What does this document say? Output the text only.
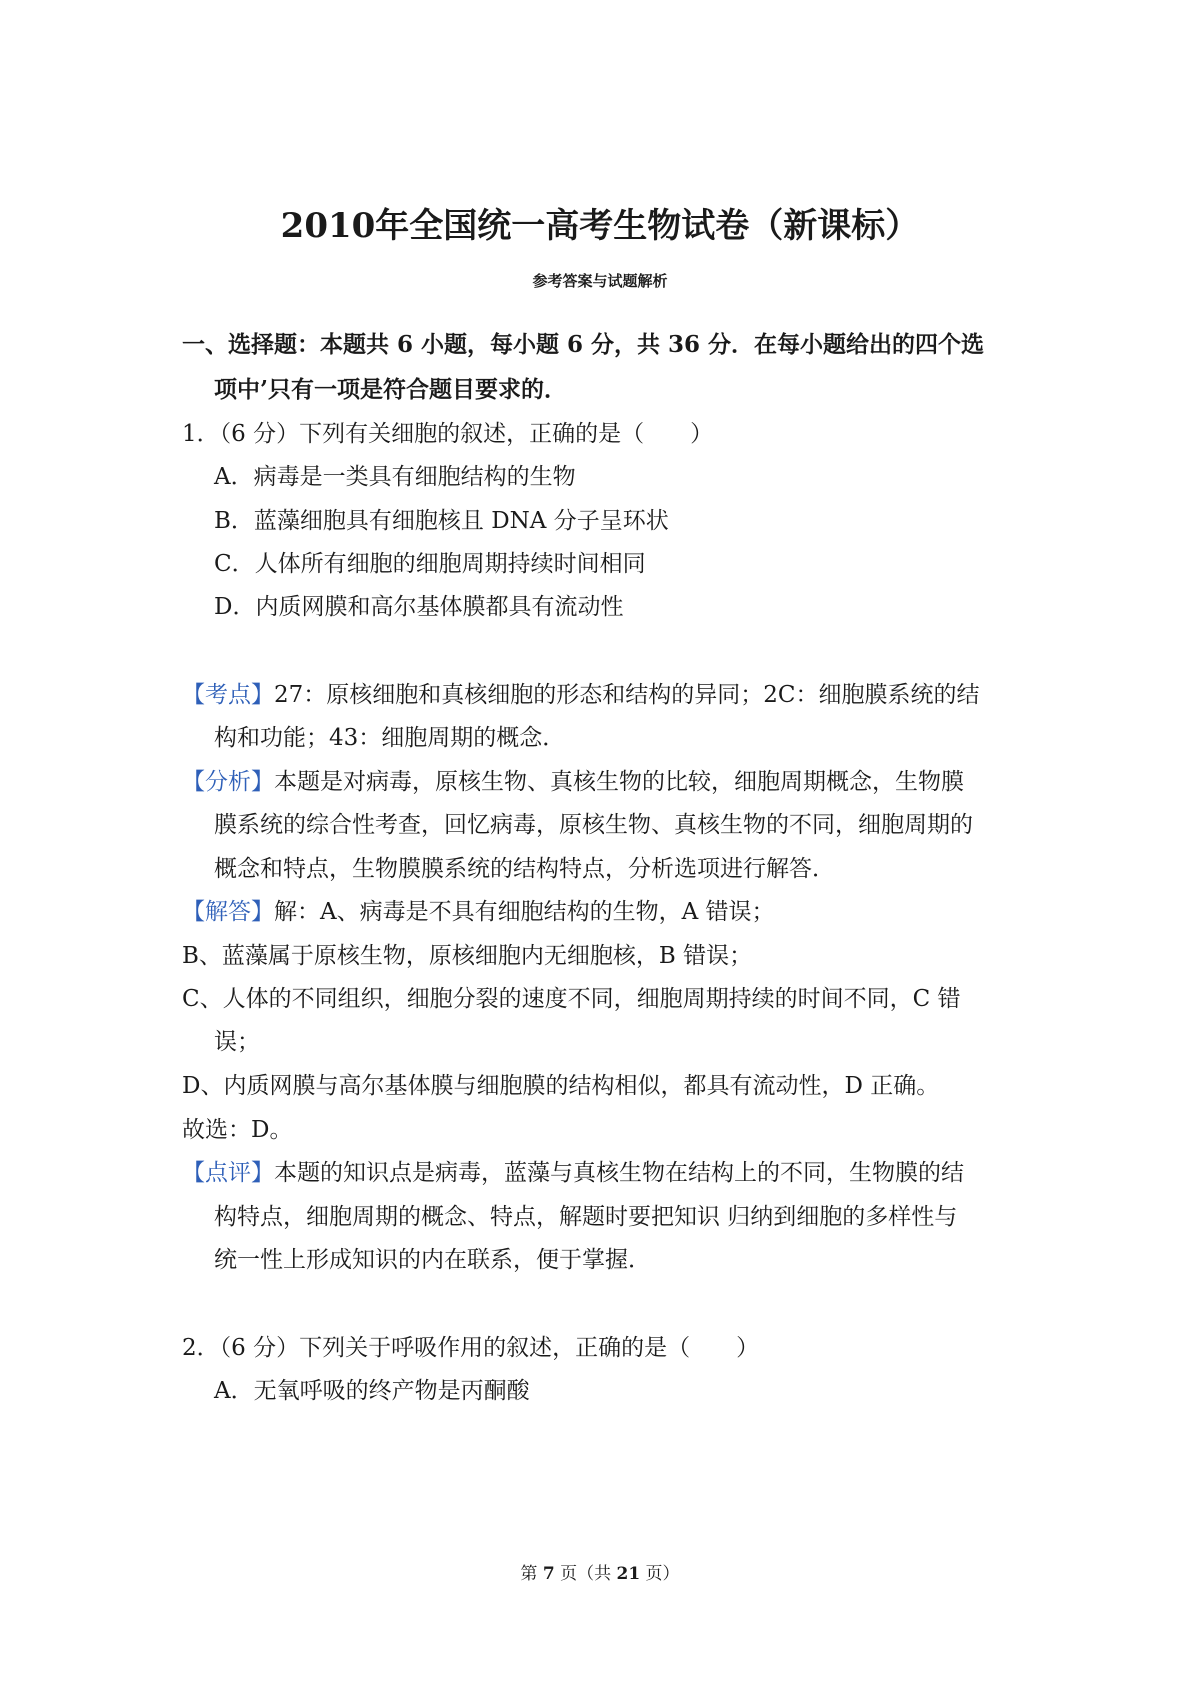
2010年全国统一高考生物试卷（新课标）
参考答案与试题解析
一、选择题：本题共 6 小题，每小题 6 分，共 36 分．在每小题给出的四个选
项中’只有一项是符合题目要求的．
1．（6 分）下列有关细胞的叙述，正确的是（　　）
A．病毒是一类具有细胞结构的生物
B．蓝藻细胞具有细胞核且 DNA 分子呈环状
C．人体所有细胞的细胞周期持续时间相同
D．内质网膜和高尔基体膜都具有流动性
【考点】27：原核细胞和真核细胞的形态和结构的异同；2C：细胞膜系统的结
构和功能；43：细胞周期的概念．
【分析】本题是对病毒，原核生物、真核生物的比较，细胞周期概念，生物膜
膜系统的综合性考查，回忆病毒，原核生物、真核生物的不同，细胞周期的
概念和特点，生物膜膜系统的结构特点，分析选项进行解答．
【解答】解：A、病毒是不具有细胞结构的生物，A 错误；
B、蓝藻属于原核生物，原核细胞内无细胞核，B 错误；
C、人体的不同组织，细胞分裂的速度不同，细胞周期持续的时间不同，C 错
误；
D、内质网膜与高尔基体膜与细胞膜的结构相似，都具有流动性，D 正确。
故选：D。
【点评】本题的知识点是病毒，蓝藻与真核生物在结构上的不同，生物膜的结
构特点，细胞周期的概念、特点，解题时要把知识 归纳到细胞的多样性与
统一性上形成知识的内在联系，便于掌握．
2．（6 分）下列关于呼吸作用的叙述，正确的是（　　）
A．无氧呼吸的终产物是丙酮酸
第 7 页（共 21 页）
